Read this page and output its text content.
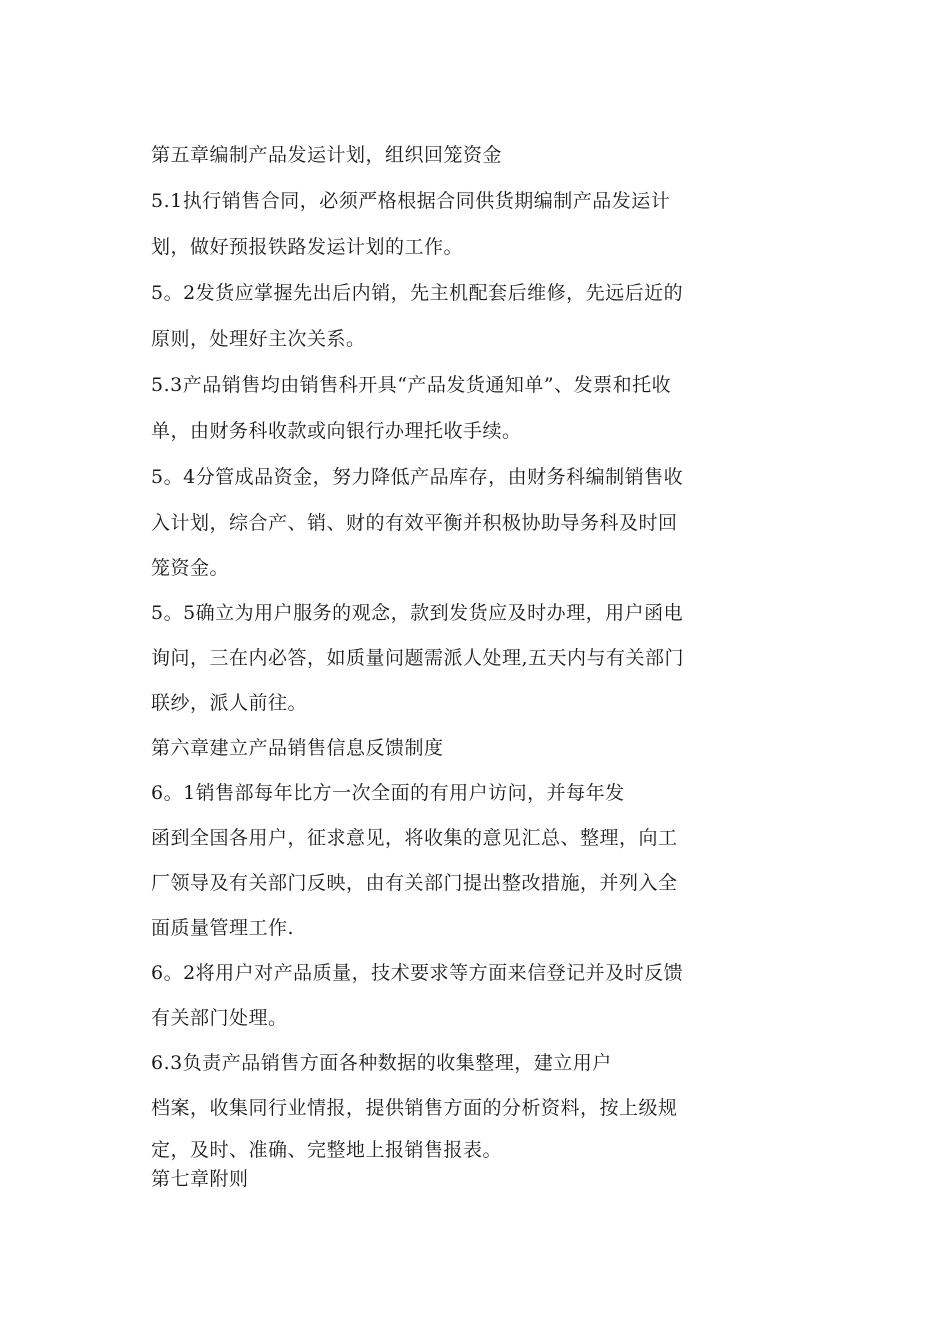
第五章编制产品发运计划，组织回笼资金
5.1执行销售合同，必须严格根据合同供货期编制产品发运计
划，做好预报铁路发运计划的工作。
5。2发货应掌握先出后内销，先主机配套后维修，先远后近的
原则，处理好主次关系。
5.3产品销售均由销售科开具“产品发货通知单”、发票和托收
单，由财务科收款或向银行办理托收手续。
5。4分管成品资金，努力降低产品库存，由财务科编制销售收
入计划，综合产、销、财的有效平衡并积极协助导务科及时回
笼资金。
5。5确立为用户服务的观念，款到发货应及时办理，用户函电
询问，三在内必答，如质量问题需派人处理,五天内与有关部门
联纱，派人前往。
第六章建立产品销售信息反馈制度
6。1销售部每年比方一次全面的有用户访问，并每年发
函到全国各用户，征求意见，将收集的意见汇总、整理，向工
厂领导及有关部门反映，由有关部门提出整改措施，并列入全
面质量管理工作.
6。2将用户对产品质量，技术要求等方面来信登记并及时反馈
有关部门处理。
6.3负责产品销售方面各种数据的收集整理，建立用户
档案，收集同行业情报，提供销售方面的分析资料，按上级规
定，及时、准确、完整地上报销售报表。
第七章附则
